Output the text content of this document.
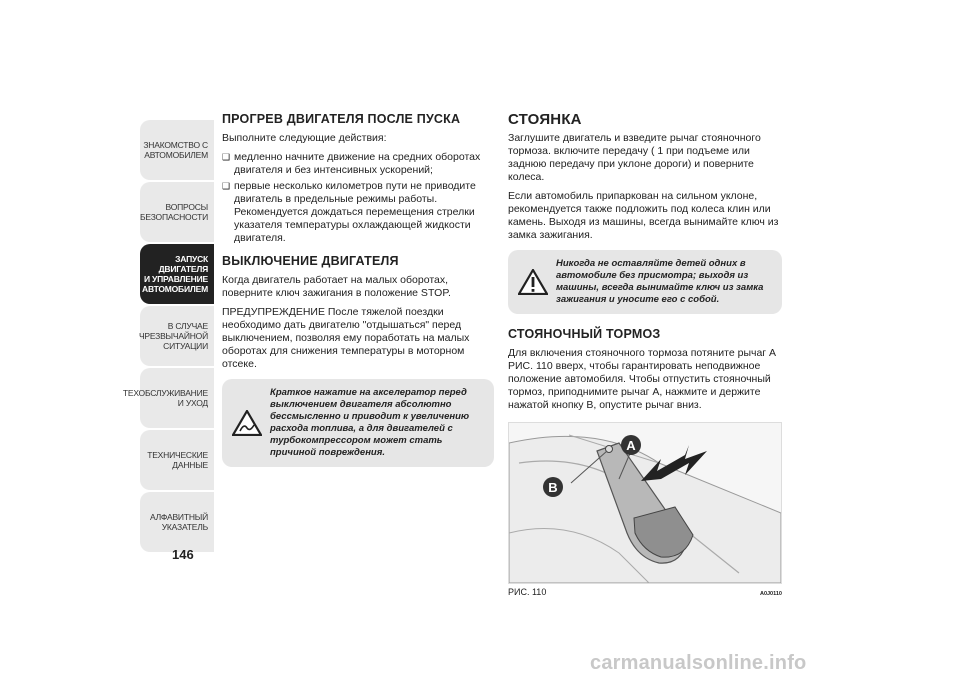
ЗНАКОМСТВО С
АВТОМОБИЛЕМ
ВОПРОСЫ
БЕЗОПАСНОСТИ
ЗАПУСК ДВИГАТЕЛЯ
И УПРАВЛЕНИЕ
АВТОМОБИЛЕМ
В СЛУЧАЕ
ЧРЕЗВЫЧАЙНОЙ
СИТУАЦИИ
ТЕХОБСЛУЖИВАНИЕ
И УХОД
ТЕХНИЧЕСКИЕ
ДАННЫЕ
АЛФАВИТНЫЙ
УКАЗАТЕЛЬ
146
ПРОГРЕВ ДВИГАТЕЛЯ ПОСЛЕ ПУСКА

Выполните следующие действия:

❑ медленно начните движение на средних оборотах двигателя и без интенсивных ускорений;
❑ первые несколько километров пути не приводите двигатель в предельные режимы работы. Рекомендуется дождаться перемещения стрелки указателя температуры охлаждающей жидкости двигателя.
ВЫКЛЮЧЕНИЕ ДВИГАТЕЛЯ

Когда двигатель работает на малых оборотах, поверните ключ зажигания в положение STOP.

ПРЕДУПРЕЖДЕНИЕ После тяжелой поездки необходимо дать двигателю "отдышаться" перед выключением, позволяя ему поработать на малых оборотах для снижения температуры в моторном отсеке.

Краткое нажатие на акселератор перед выключением двигателя абсолютно бессмысленно и приводит к увеличению расхода топлива, а для двигателей с турбокомпрессором может стать причиной повреждения.
СТОЯНКА

Заглушите двигатель и взведите рычаг стояночного тормоза. включите передачу ( 1 при подъеме или заднюю передачу при уклоне дороги) и поверните колеса.

Если автомобиль припаркован на сильном уклоне, рекомендуется также подложить под колеса клин или камень. Выходя из машины, всегда вынимайте ключ из замка зажигания.

Никогда не оставляйте детей одних в автомобиле без присмотра; выходя из машины, всегда вынимайте ключ из замка зажигания и уносите его с собой.
СТОЯНОЧНЫЙ ТОРМОЗ

Для включения стояночного тормоза потяните рычаг A РИС. 110 вверх, чтобы гарантировать неподвижное положение автомобиля. Чтобы отпустить стояночный тормоз, приподнимите рычаг A, нажмите и держите нажатой кнопку B, опустите рычаг вниз.

A
B
РИС. 110	A0J0110
carmanualsonline.info
